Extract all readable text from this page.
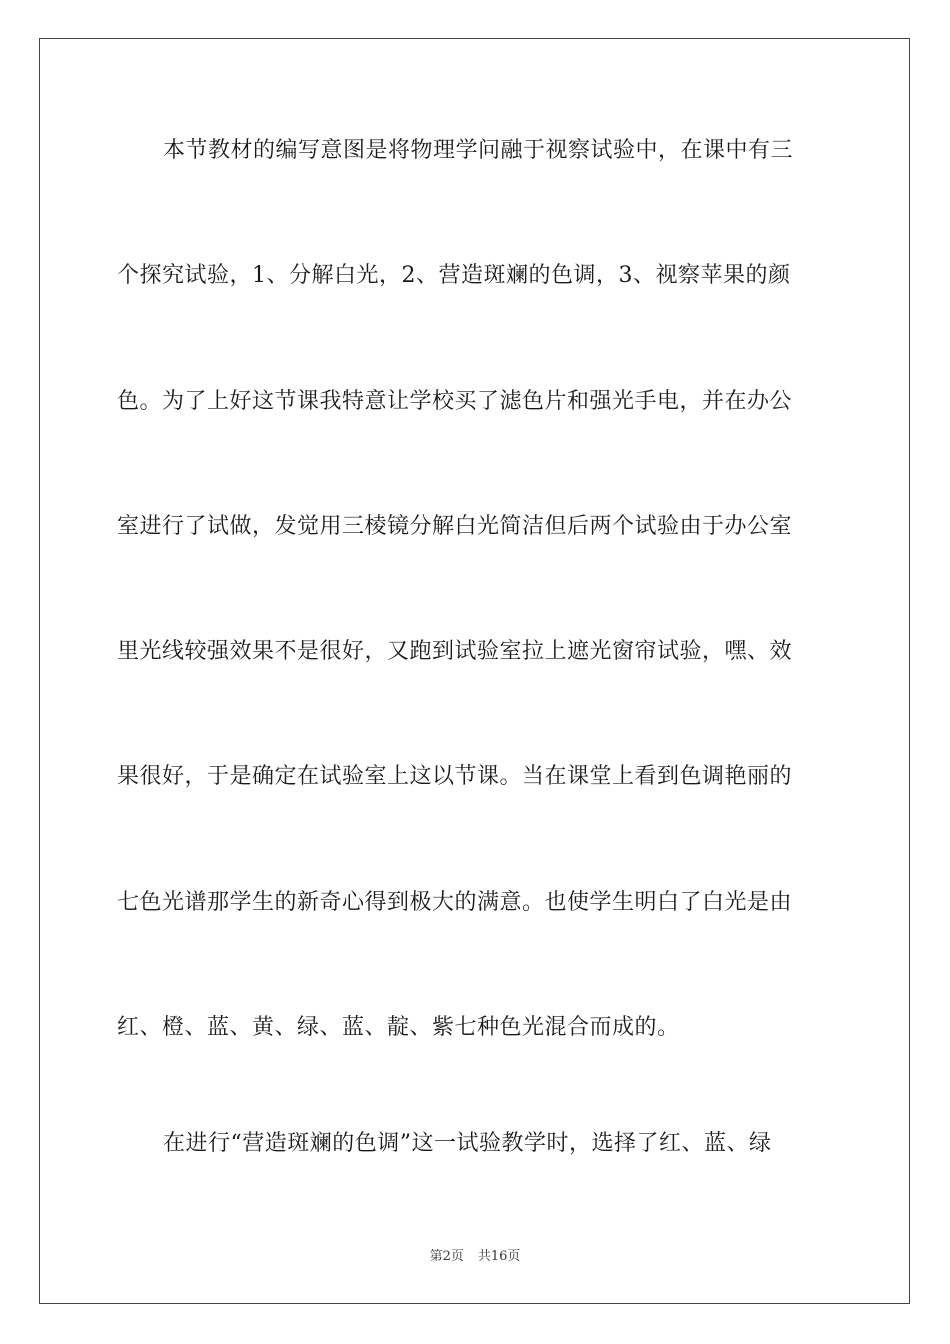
本节教材的编写意图是将物理学问融于视察试验中，在课中有三
个探究试验，1、分解白光，2、营造斑斓的色调，3、视察苹果的颜
色。为了上好这节课我特意让学校买了滤色片和强光手电，并在办公
室进行了试做，发觉用三棱镜分解白光简洁但后两个试验由于办公室
里光线较强效果不是很好，又跑到试验室拉上遮光窗帘试验，嘿、效
果很好，于是确定在试验室上这以节课。当在课堂上看到色调艳丽的
七色光谱那学生的新奇心得到极大的满意。也使学生明白了白光是由
红、橙、蓝、黄、绿、蓝、靛、紫七种色光混合而成的。
在进行“营造斑斓的色调”这一试验教学时，选择了红、蓝、绿
第2页 共16页
